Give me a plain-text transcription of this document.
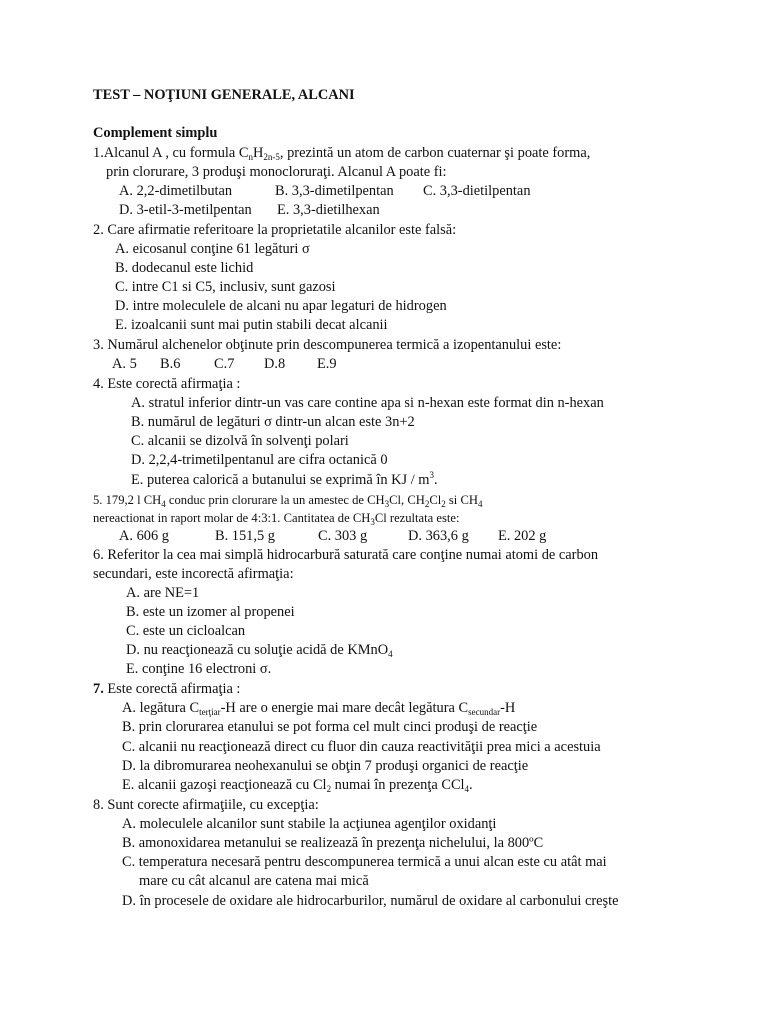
TEST – NOŢIUNI GENERALE, ALCANI
Complement simplu
1.Alcanul A , cu formula $C_nH_{2n-5}$, prezintă un atom de carbon cuaternar şi poate forma,
prin clorurare, 3 produşi monocloruraţi. Alcanul A poate fi:
A. 2,2-dimetilbutan	B. 3,3-dimetilpentan C. 3,3-dietilpentan
D. 3-etil-3-metilpentan E. 3,3-dietilhexan
2. Care afirmatie referitoare la proprietatile alcanilor este falsă:
A. eicosanul conţine 61 legături σ
B. dodecanul este lichid
C. intre C1 si C5, inclusiv, sunt gazosi
D. intre moleculele de alcani nu apar legaturi de hidrogen
E. izoalcanii sunt mai putin stabili decat alcanii
3. Numărul alchenelor obţinute prin descompunerea termică a izopentanului este:
A. 5 B.6 C.7 D.8 E.9
4. Este corectă afirmaţia :
A. stratul inferior dintr-un vas care contine apa si n-hexan este format din n-hexan
B. numărul de legături σ dintr-un alcan este 3n+2
C. alcanii se dizolvă în solvenţi polari
D. 2,2,4-trimetilpentanul are cifra octanică 0
E. puterea calorică a butanului se exprimă în KJ / $m^3$.
5. 179,2 l $CH_4$ conduc prin clorurare la un amestec de $CH_3Cl$, $CH_2Cl_2$ si $CH_4$
nereactionat in raport molar de 4:3:1. Cantitatea de $CH_3Cl$ rezultata este:
A. 606 g	B. 151,5 g	C. 303 g	D. 363,6 g E. 202 g
6. Referitor la cea mai simplă hidrocarbură saturată care conţine numai atomi de carbon
secundari, este incorectă afirmaţia:
A. are NE=1
B. este un izomer al propenei
C. este un cicloalcan
D. nu reacţionează cu soluţie acidă de KMnO$_4$
E. conţine 16 electroni σ.
7. Este corectă afirmaţia :
A. legătura $C_{terţiar}-H$ are o energie mai mare decât legătura $C_{secundar}-H$
B. prin clorurarea etanului se pot forma cel mult cinci produşi de reacţie
C. alcanii nu reacţionează direct cu fluor din cauza reactivităţii prea mici a acestuia
D. la dibromurarea neohexanului se obţin 7 produşi organici de reacţie
E. alcanii gazoşi reacţionează cu $Cl_2$ numai în prezenţa CCl$_4$.
8. Sunt corecte afirmaţiile, cu excepţia:
A. moleculele alcanilor sunt stabile la acţiunea agenţilor oxidanţi
B. amonoxidarea metanului se realizează în prezenţa nichelului, la 800ºC
C. temperatura necesară pentru descompunerea termică a unui alcan este cu atât mai
mare cu cât alcanul are catena mai mică
D. în procesele de oxidare ale hidrocarburilor, numărul de oxidare al carbonului creşte
